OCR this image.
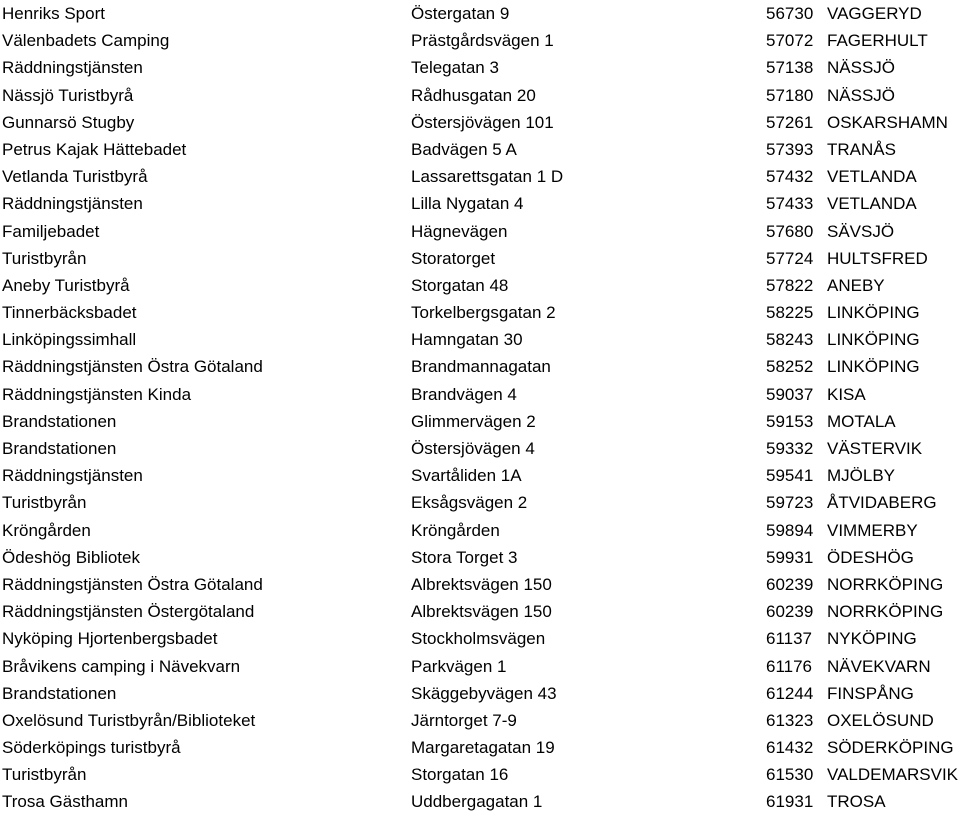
Henriks Sport	Östergatan 9	56730 VAGGERYD
Välenbadets Camping	Prästgårdsvägen 1	57072 FAGERHULT
Räddningstjänsten	Telegatan 3	57138 NÄSSJÖ
Nässjö Turistbyrå	Rådhusgatan 20	57180 NÄSSJÖ
Gunnarsö Stugby	Östersjövägen 101	57261 OSKARSHAMN
Petrus Kajak Hättebadet	Badvägen 5 A	57393 TRANÅS
Vetlanda Turistbyrå	Lassarettsgatan 1 D	57432 VETLANDA
Räddningstjänsten	Lilla Nygatan 4	57433 VETLANDA
Familjebadet	Hägnevägen	57680 SÄVSJÖ
Turistbyrån	Storatorget	57724 HULTSFRED
Aneby Turistbyrå	Storgatan 48	57822 ANEBY
Tinnerbäcksbadet	Torkelbergsgatan 2	58225 LINKÖPING
Linköpingssimhall	Hamngatan 30	58243 LINKÖPING
Räddningstjänsten Östra Götaland	Brandmannagatan	58252 LINKÖPING
Räddningstjänsten Kinda	Brandvägen 4	59037 KISA
Brandstationen	Glimmervägen 2	59153 MOTALA
Brandstationen	Östersjövägen 4	59332 VÄSTERVIK
Räddningstjänsten	Svartåliden 1A	59541 MJÖLBY
Turistbyrån	Eksågsvägen 2	59723 ÅTVIDABERG
Kröngården	Kröngården	59894 VIMMERBY
Ödeshög Bibliotek	Stora Torget 3	59931 ÖDESHÖG
Räddningstjänsten Östra Götaland	Albrektsvägen 150	60239 NORRKÖPING
Räddningstjänsten Östergötaland	Albrektsvägen 150	60239 NORRKÖPING
Nyköping Hjortenbergsbadet	Stockholmsvägen	61137 NYKÖPING
Bråvikens camping i Nävekvarn	Parkvägen 1	61176 NÄVEKVARN
Brandstationen	Skäggebyvägen 43	61244 FINSPÅNG
Oxelösund Turistbyrån/Biblioteket	Järntorget 7-9	61323 OXELÖSUND
Söderköpings turistbyrå	Margaretagatan 19	61432 SÖDERKÖPING
Turistbyrån	Storgatan 16	61530 VALDEMARSVIK
Trosa Gästhamn	Uddbergagatan 1	61931 TROSA
